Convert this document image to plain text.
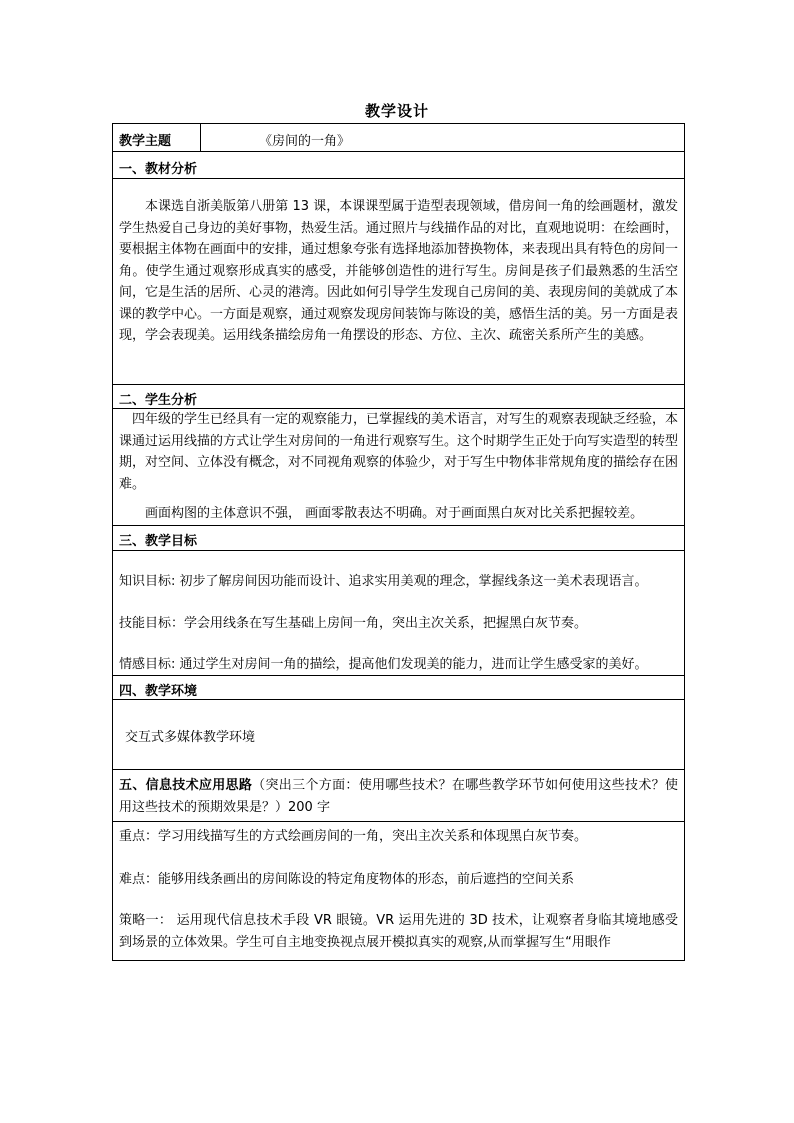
教学设计
教学主题	《房间的一角》
一、教材分析

本课选自浙美版第八册第 13 课，本课课型属于造型表现领域，借房间一角的绘画题材，激发学生热爱自己身边的美好事物，热爱生活。通过照片与线描作品的对比，直观地说明：在绘画时，要根据主体物在画面中的安排，通过想象夸张有选择地添加替换物体，来表现出具有特色的房间一角。使学生通过观察形成真实的感受，并能够创造性的进行写生。房间是孩子们最熟悉的生活空间，它是生活的居所、心灵的港湾。因此如何引导学生发现自己房间的美、表现房间的美就成了本课的教学中心。一方面是观察，通过观察发现房间装饰与陈设的美，感悟生活的美。另一方面是表现，学会表现美。运用线条描绘房角一角摆设的形态、方位、主次、疏密关系所产生的美感。

二、学生分析

四年级的学生已经具有一定的观察能力，已掌握线的美术语言，对写生的观察表现缺乏经验，本课通过运用线描的方式让学生对房间的一角进行观察写生。这个时期学生正处于向写实造型的转型期，对空间、立体没有概念，对不同视角观察的体验少，对于写生中物体非常规角度的描绘存在困难。

画面构图的主体意识不强， 画面零散表达不明确。对于画面黑白灰对比关系把握较差。

三、教学目标

知识目标: 初步了解房间因功能而设计、追求实用美观的理念，掌握线条这一美术表现语言。

技能目标：学会用线条在写生基础上房间一角，突出主次关系，把握黑白灰节奏。

情感目标: 通过学生对房间一角的描绘，提高他们发现美的能力，进而让学生感受家的美好。

四、教学环境

交互式多媒体教学环境

五、信息技术应用思路（突出三个方面：使用哪些技术？在哪些教学环节如何使用这些技术？使用这些技术的预期效果是？）200 字

重点：学习用线描写生的方式绘画房间的一角，突出主次关系和体现黑白灰节奏。

难点：能够用线条画出的房间陈设的特定角度物体的形态，前后遮挡的空间关系

策略一： 运用现代信息技术手段 VR 眼镜。VR 运用先进的 3D 技术，让观察者身临其境地感受到场景的立体效果。学生可自主地变换视点展开模拟真实的观察,从而掌握写生“用眼作
